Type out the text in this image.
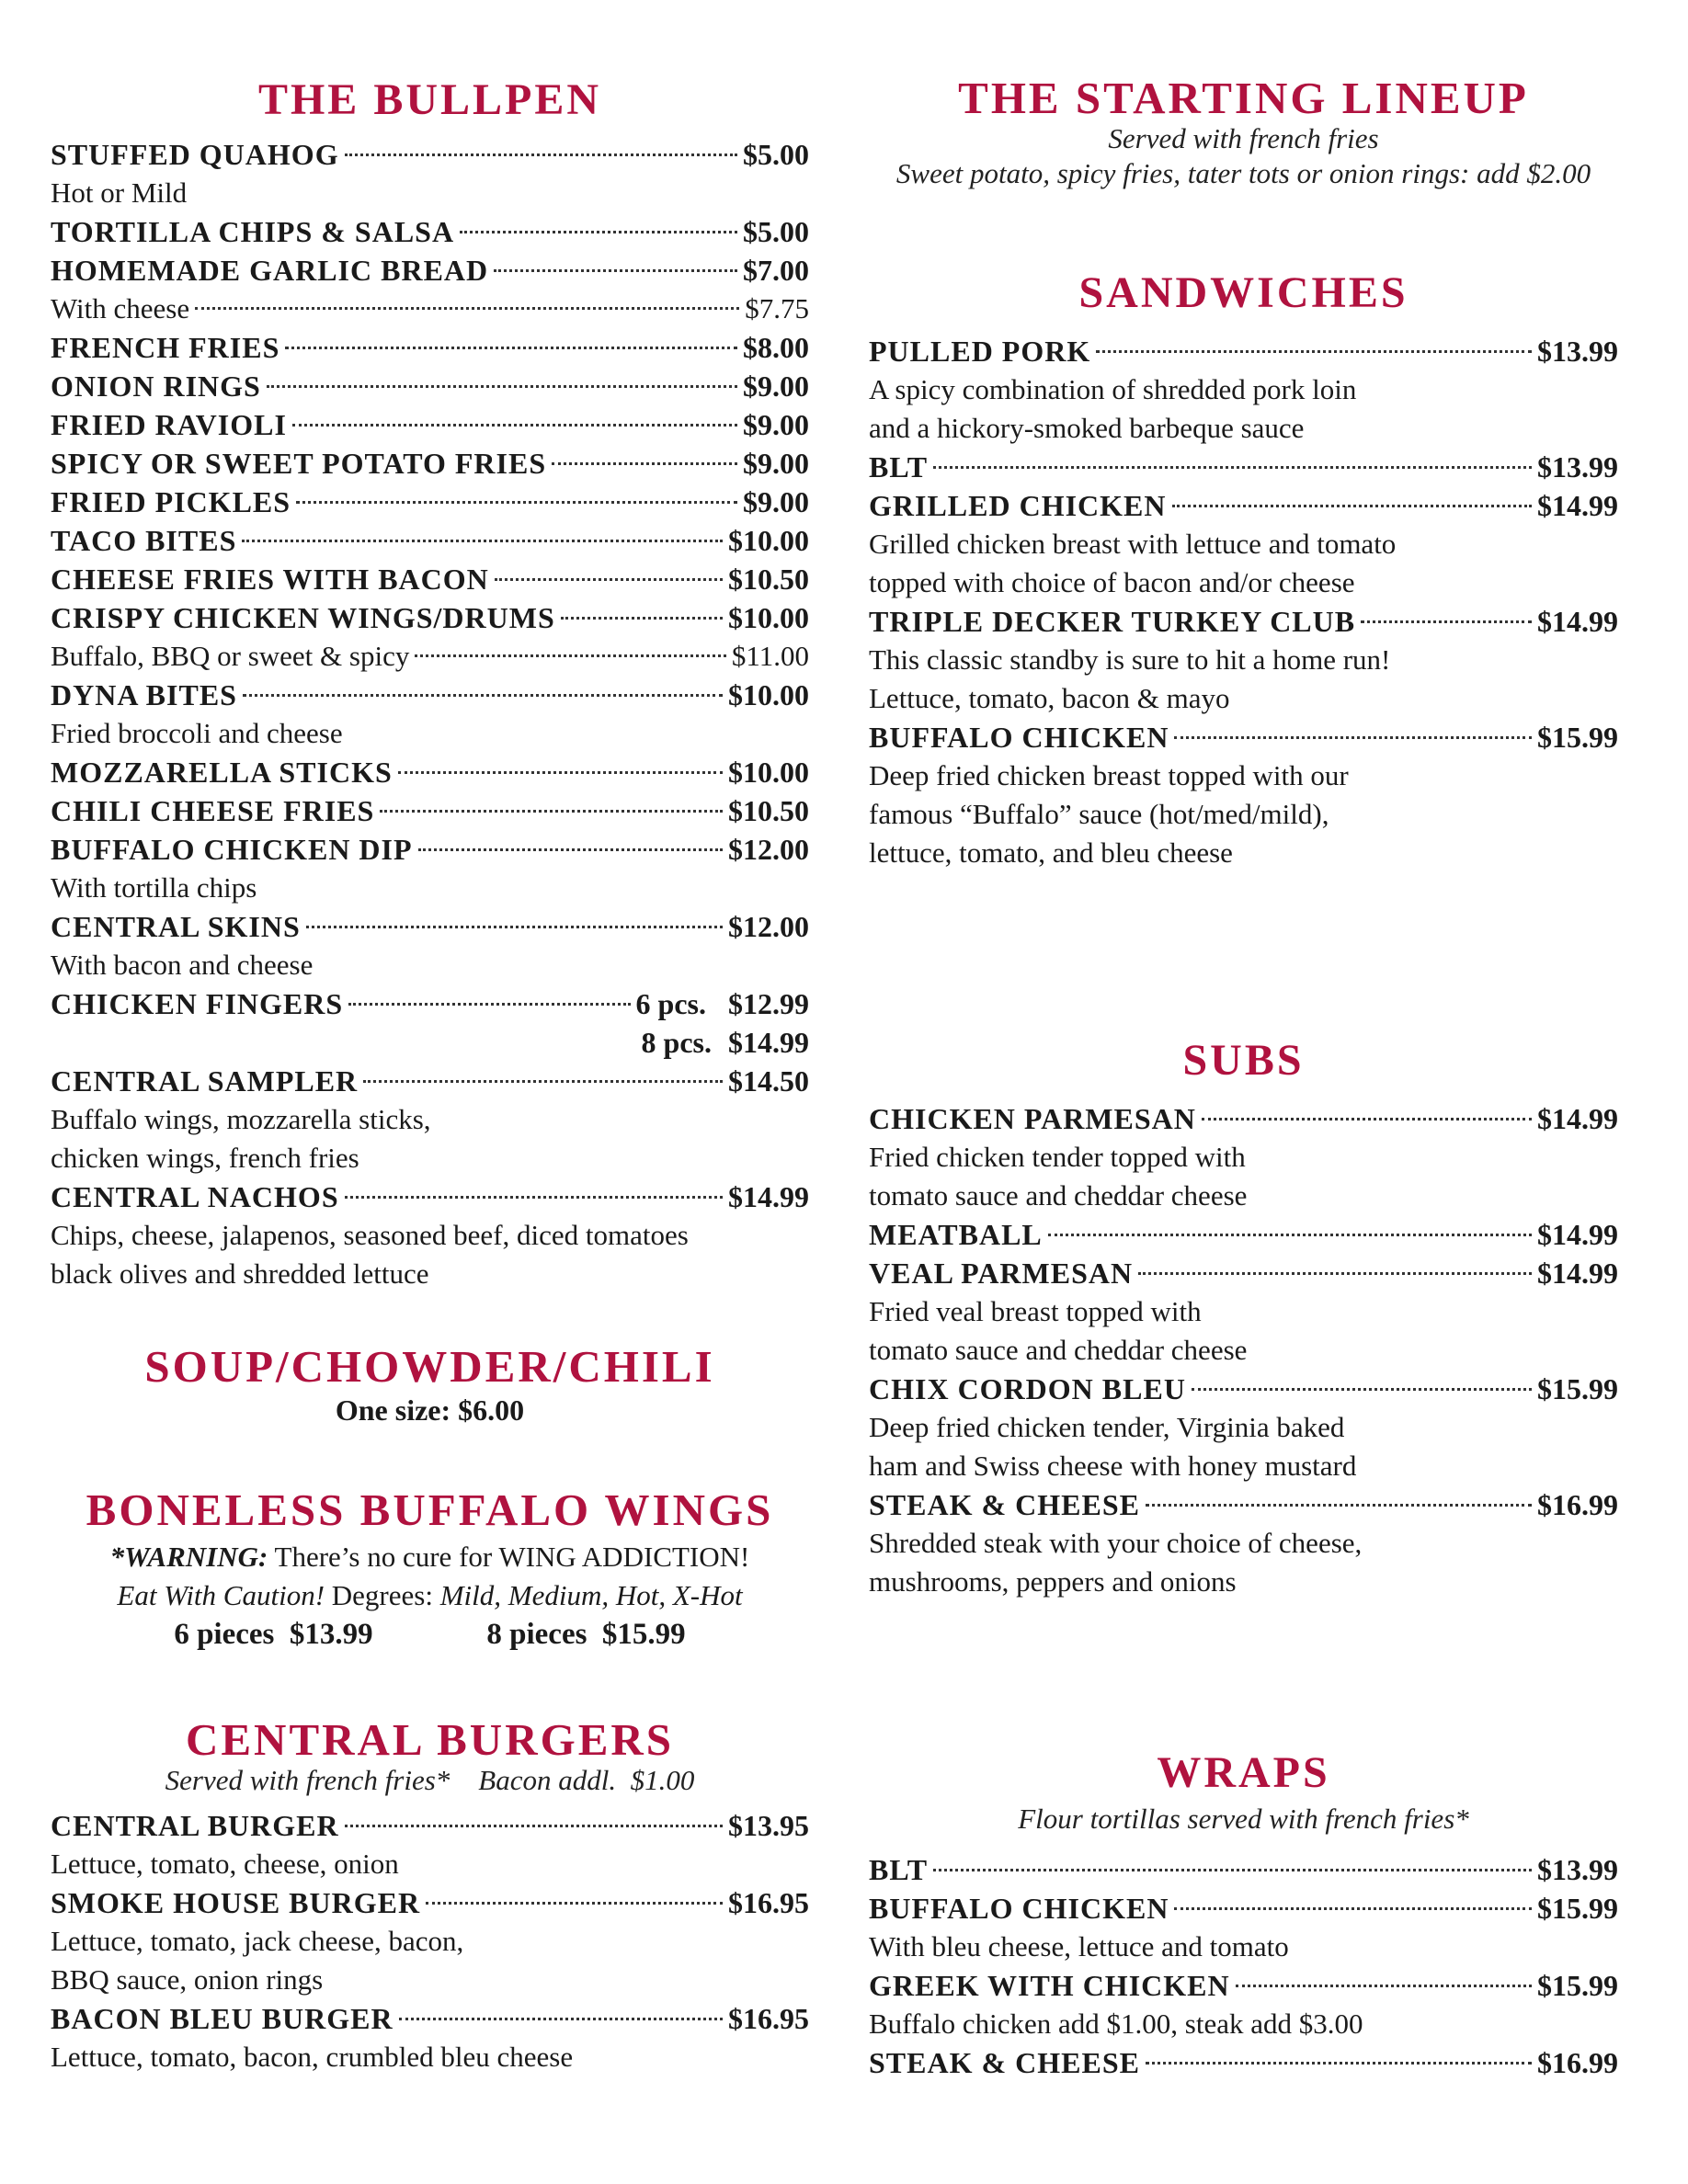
THE BULLPEN
STUFFED QUAHOG	$5.00
Hot or Mild
TORTILLA CHIPS & SALSA	$5.00
HOMEMADE GARLIC BREAD	$7.00
With cheese	$7.75
FRENCH FRIES	$8.00
ONION RINGS	$9.00
FRIED RAVIOLI	$9.00
SPICY OR SWEET POTATO FRIES	$9.00
FRIED PICKLES	$9.00
TACO BITES	$10.00
CHEESE FRIES WITH BACON	$10.50
CRISPY CHICKEN WINGS/DRUMS	$10.00
Buffalo, BBQ or sweet & spicy	$11.00
DYNA BITES	$10.00
Fried broccoli and cheese
MOZZARELLA STICKS	$10.00
CHILI CHEESE FRIES	$10.50
BUFFALO CHICKEN DIP	$12.00
With tortilla chips
CENTRAL SKINS	$12.00
With bacon and cheese
CHICKEN FINGERS	6 pcs. $12.99
8 pcs. $14.99
CENTRAL SAMPLER	$14.50
Buffalo wings, mozzarella sticks,
chicken wings, french fries
CENTRAL NACHOS	$14.99
Chips, cheese, jalapenos, seasoned beef, diced tomatoes
black olives and shredded lettuce
SOUP/CHOWDER/CHILI
One size: $6.00
BONELESS BUFFALO WINGS
*WARNING: There’s no cure for WING ADDICTION!
Eat With Caution! Degrees: Mild, Medium, Hot, X-Hot
6 pieces  $13.99	8 pieces  $15.99
CENTRAL BURGERS
Served with french fries*    Bacon addl.  $1.00
CENTRAL BURGER	$13.95
Lettuce, tomato, cheese, onion
SMOKE HOUSE BURGER	$16.95
Lettuce, tomato, jack cheese, bacon,
BBQ sauce, onion rings
BACON BLEU BURGER	$16.95
Lettuce, tomato, bacon, crumbled bleu cheese
THE STARTING LINEUP
Served with french fries
Sweet potato, spicy fries, tater tots or onion rings: add $2.00
SANDWICHES
PULLED PORK	$13.99
A spicy combination of shredded pork loin
and a hickory-smoked barbeque sauce
BLT	$13.99
GRILLED CHICKEN	$14.99
Grilled chicken breast with lettuce and tomato
topped with choice of bacon and/or cheese
TRIPLE DECKER TURKEY CLUB	$14.99
This classic standby is sure to hit a home run!
Lettuce, tomato, bacon & mayo
BUFFALO CHICKEN	$15.99
Deep fried chicken breast topped with our
famous “Buffalo” sauce (hot/med/mild),
lettuce, tomato, and bleu cheese
SUBS
CHICKEN PARMESAN	$14.99
Fried chicken tender topped with
tomato sauce and cheddar cheese
MEATBALL	$14.99
VEAL PARMESAN	$14.99
Fried veal breast topped with
tomato sauce and cheddar cheese
CHIX CORDON BLEU	$15.99
Deep fried chicken tender, Virginia baked
ham and Swiss cheese with honey mustard
STEAK & CHEESE	$16.99
Shredded steak with your choice of cheese,
mushrooms, peppers and onions
WRAPS
Flour tortillas served with french fries*
BLT	$13.99
BUFFALO CHICKEN	$15.99
With bleu cheese, lettuce and tomato
GREEK WITH CHICKEN	$15.99
Buffalo chicken add $1.00, steak add $3.00
STEAK & CHEESE	$16.99
